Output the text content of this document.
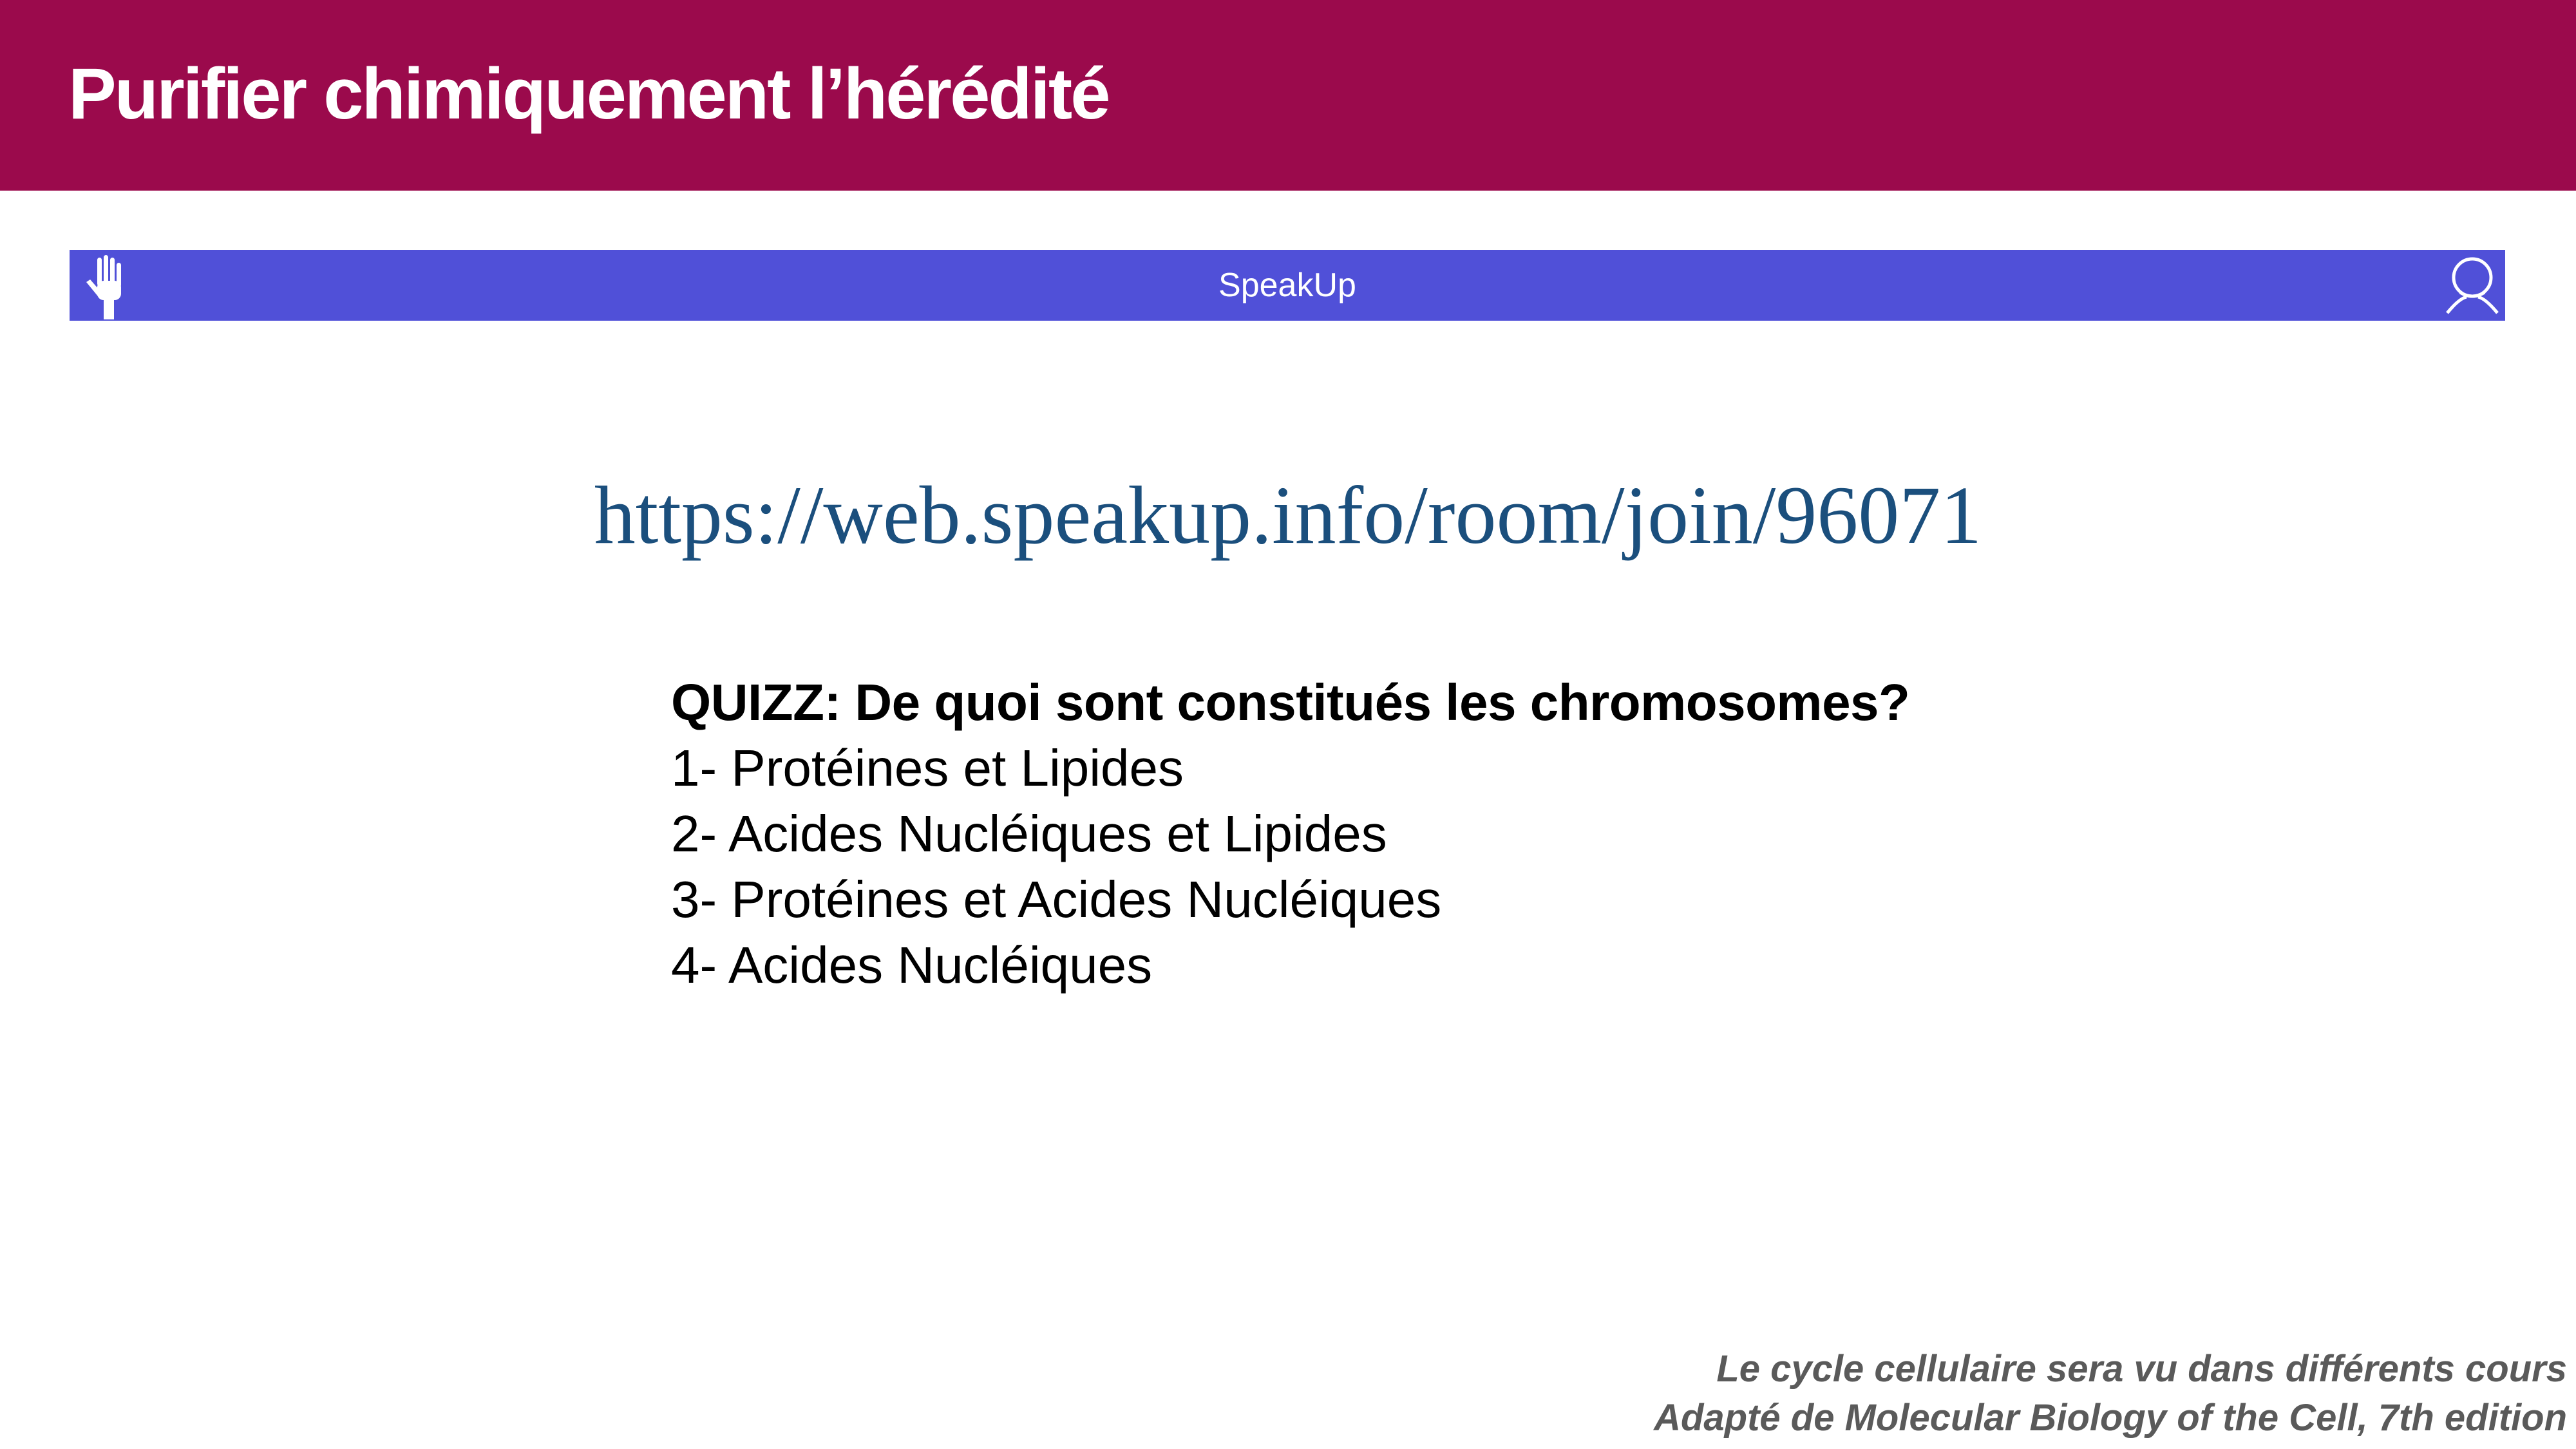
Purifier chimiquement l’hérédité
SpeakUp

https://web.speakup.info/room/join/96071

QUIZZ: De quoi sont constitués les chromosomes?
1- Protéines et Lipides
2- Acides Nucléiques et Lipides
3- Protéines et Acides Nucléiques
4- Acides Nucléiques
Le cycle cellulaire sera vu dans différents cours
Adapté de Molecular Biology of the Cell, 7th edition
